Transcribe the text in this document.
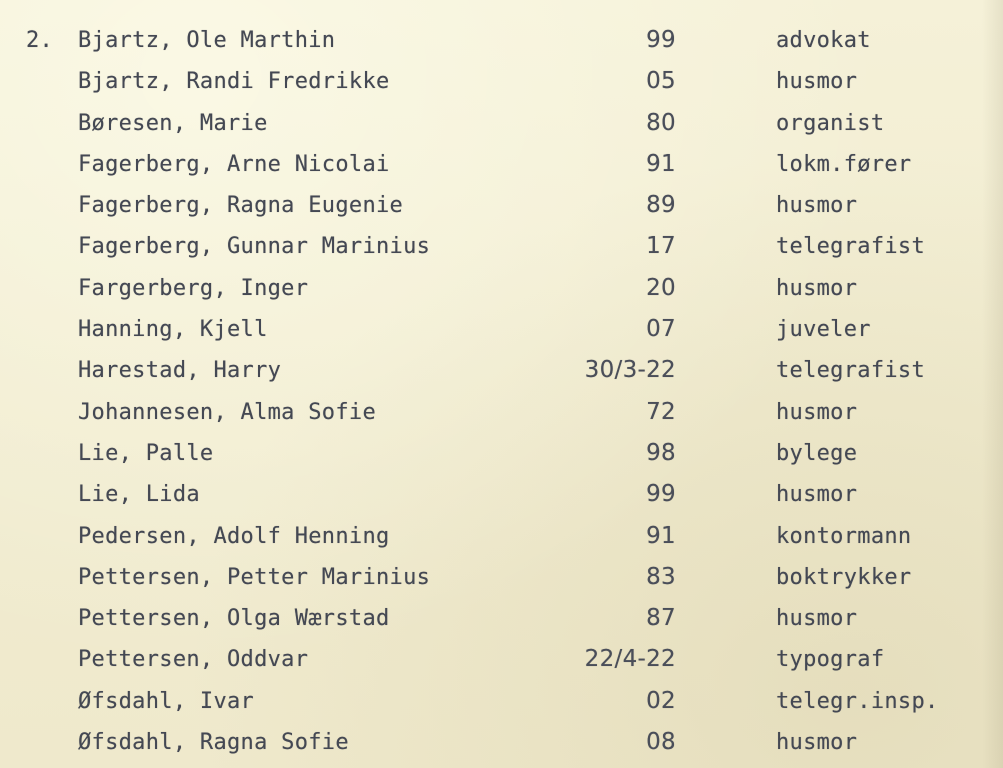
2. Bjartz, Ole Marthin	99	advokat
Bjartz, Randi Fredrikke	05	husmor
Børesen, Marie	80	organist
Fagerberg, Arne Nicolai	91	lokm.fører
Fagerberg, Ragna Eugenie	89	husmor
Fagerberg, Gunnar Marinius	17	telegrafist
Fargerberg, Inger	20	husmor
Hanning, Kjell	07	juveler
Harestad, Harry	30/3-22	telegrafist
Johannesen, Alma Sofie	72	husmor
Lie, Palle	98	bylege
Lie, Lida	99	husmor
Pedersen, Adolf Henning	91	kontormann
Pettersen, Petter Marinius	83	boktrykker
Pettersen, Olga Wærstad	87	husmor
Pettersen, Oddvar	22/4-22	typograf
Øfsdahl, Ivar	02	telegr.insp.
Øfsdahl, Ragna Sofie	08	husmor
